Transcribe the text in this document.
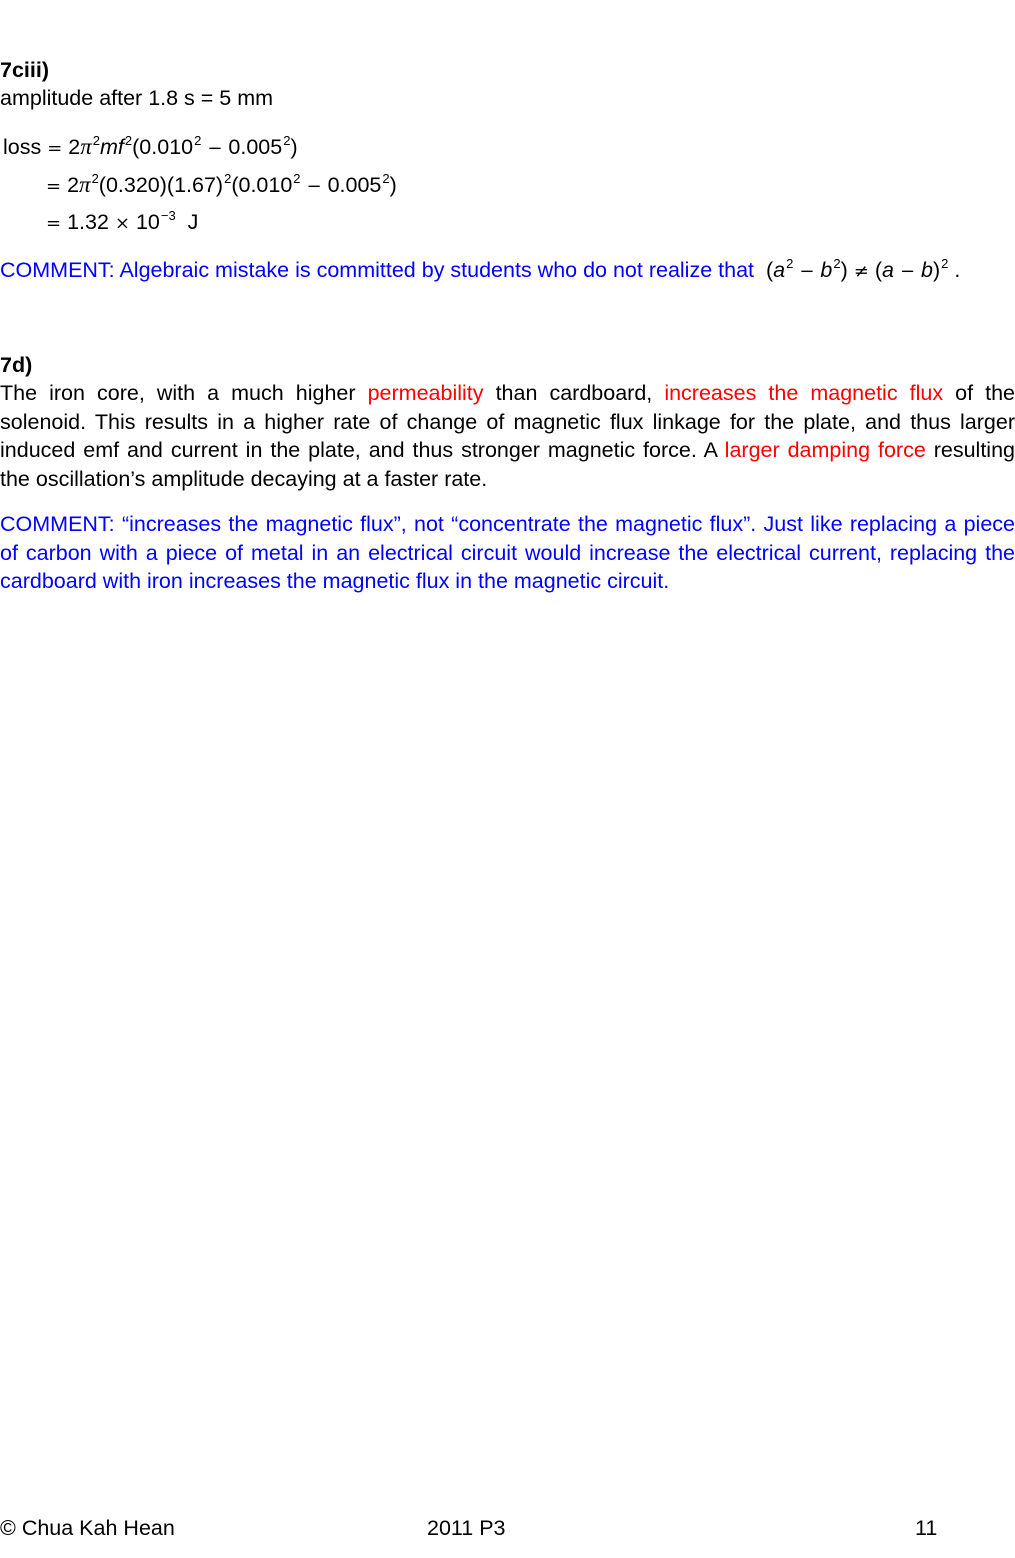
7ciii)
amplitude after 1.8 s = 5 mm
loss = $2\pi^2mf^2(0.010^2 - 0.005^2)$
= $2\pi^2(0.320)(1.67)^2(0.010^2 - 0.005^2)$
= $1.32 \times 10^{-3}$  J
COMMENT: Algebraic mistake is committed by students who do not realize that  $(a^2 - b^2) \ne (a - b)^2$ .
7d)
The iron core, with a much higher permeability than cardboard, increases the magnetic flux of the solenoid. This results in a higher rate of change of magnetic flux linkage for the plate, and thus larger induced emf and current in the plate, and thus stronger magnetic force. A larger damping force resulting the oscillation’s amplitude decaying at a faster rate.
COMMENT: “increases the magnetic flux”, not “concentrate the magnetic flux”. Just like replacing a piece of carbon with a piece of metal in an electrical circuit would increase the electrical current, replacing the cardboard with iron increases the magnetic flux in the magnetic circuit.
© Chua Kah Hean	2011 P3	11
